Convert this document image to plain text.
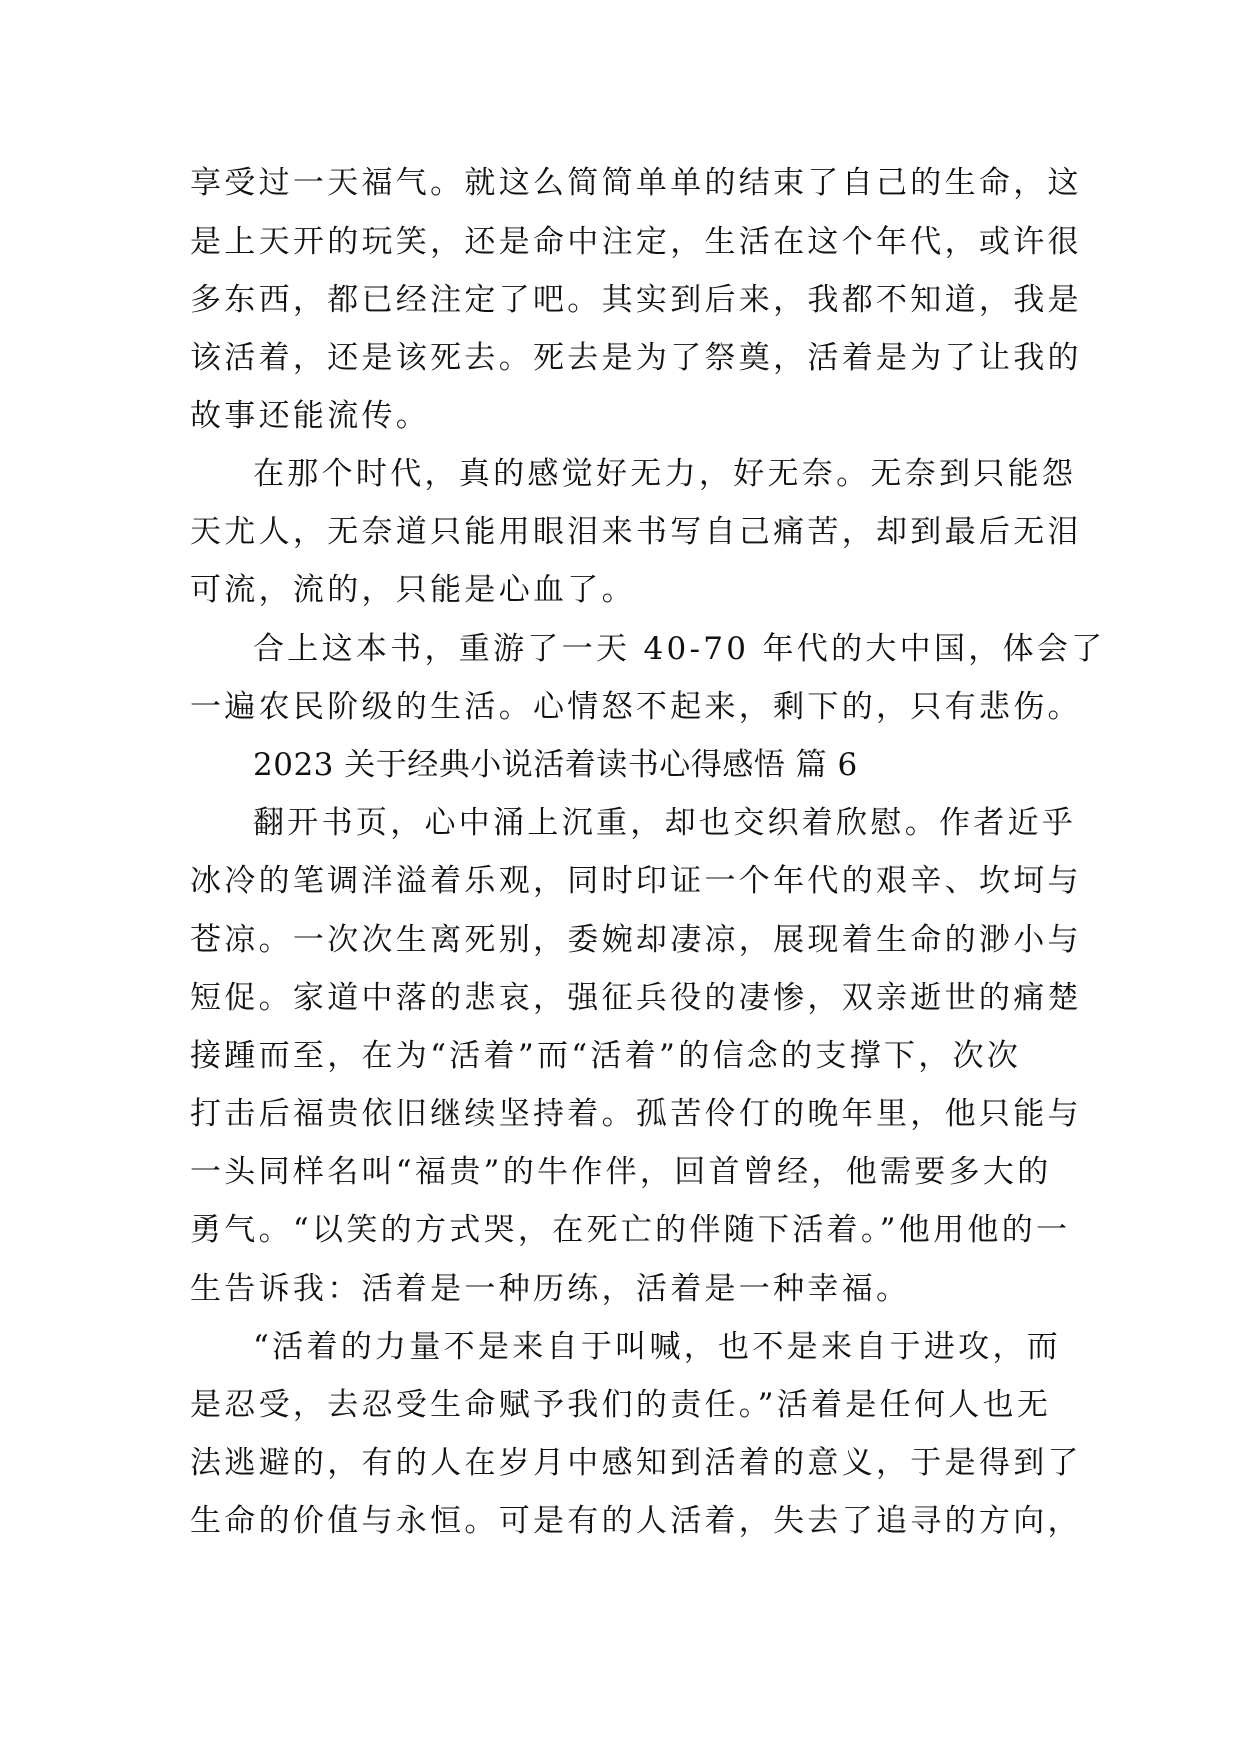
享受过一天福气。就这么简简单单的结束了自己的生命，这
是上天开的玩笑，还是命中注定，生活在这个年代，或许很
多东西，都已经注定了吧。其实到后来，我都不知道，我是
该活着，还是该死去。死去是为了祭奠，活着是为了让我的
故事还能流传。
在那个时代，真的感觉好无力，好无奈。无奈到只能怨
天尤人，无奈道只能用眼泪来书写自己痛苦，却到最后无泪
可流，流的，只能是心血了。
合上这本书，重游了一天 40-70 年代的大中国，体会了
一遍农民阶级的生活。心情怒不起来，剩下的，只有悲伤。
2023 关于经典小说活着读书心得感悟 篇 6
翻开书页，心中涌上沉重，却也交织着欣慰。作者近乎
冰冷的笔调洋溢着乐观，同时印证一个年代的艰辛、坎坷与
苍凉。一次次生离死别，委婉却凄凉，展现着生命的渺小与
短促。家道中落的悲哀，强征兵役的凄惨，双亲逝世的痛楚
接踵而至，在为“活着”而“活着”的信念的支撑下，次次
打击后福贵依旧继续坚持着。孤苦伶仃的晚年里，他只能与
一头同样名叫“福贵”的牛作伴，回首曾经，他需要多大的
勇气。“以笑的方式哭，在死亡的伴随下活着。”他用他的一
生告诉我：活着是一种历练，活着是一种幸福。
“活着的力量不是来自于叫喊，也不是来自于进攻，而
是忍受，去忍受生命赋予我们的责任。”活着是任何人也无
法逃避的，有的人在岁月中感知到活着的意义，于是得到了
生命的价值与永恒。可是有的人活着，失去了追寻的方向，
